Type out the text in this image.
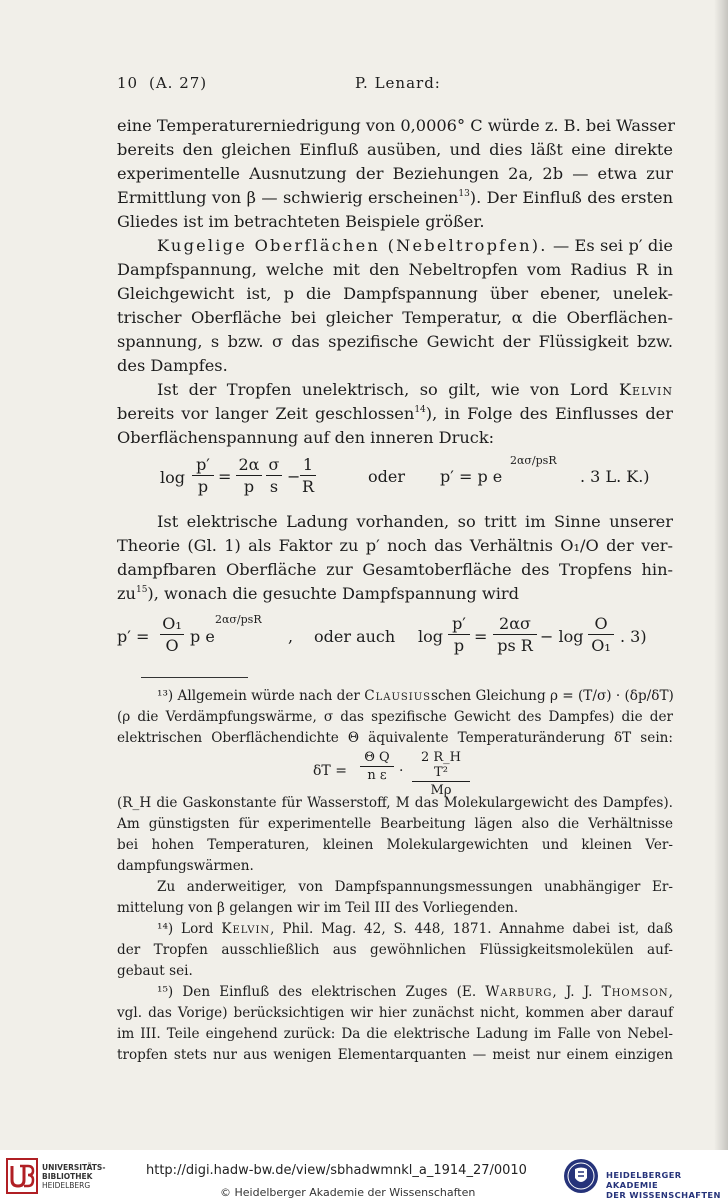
10 (A. 27)	P. Lenard:
eine Temperaturerniedrigung von 0,0006° C würde z. B. bei Wasser
bereits den gleichen Einfluß ausüben, und dies läßt eine direkte
experimentelle Ausnutzung der Beziehungen 2a, 2b — etwa zur
Ermittlung von β — schwierig erscheinen$^{13}$). Der Einfluß des ersten
Gliedes ist im betrachteten Beispiele größer.
Kugelige Oberflächen (Nebeltropfen). — Es sei p′ die
Dampfspannung, welche mit den Nebeltropfen vom Radius R in
Gleichgewicht ist, p die Dampfspannung über ebener, unelek-
trischer Oberfläche bei gleicher Temperatur, α die Oberflächen-
spannung, s bzw. σ das spezifische Gewicht der Flüssigkeit bzw.
des Dampfes.
Ist der Tropfen unelektrisch, so gilt, wie von Lord Kelvin
bereits vor langer Zeit geschlossen$^{14}$), in Folge des Einflusses der
Oberflächenspannung auf den inneren Druck:
$\log \frac{p'}{p} = \frac{2\alpha}{p} \frac{\sigma}{s} - \frac{1}{R}$	oder p′ = p e
2ασ/psR
. 3 L. K.)
Ist elektrische Ladung vorhanden, so tritt im Sinne unserer
Theorie (Gl. 1) als Faktor zu p′ noch das Verhältnis O₁/O der ver-
dampfbaren Oberfläche zur Gesamtoberfläche des Tropfens hin-
$zu^{15}$), wonach die gesuchte Dampfspannung wird
$p' = \frac{\text{O₁}}{O}$ p e
2ασ/psR
, oder auch $\log \frac{p'}{p} = \frac{2\alpha\sigma}{\text{ps R}} - \log \frac{O}{\text{O₁}}$ . 3)
¹³) Allgemein würde nach der Clausiusschen Gleichung ρ = (T/σ) · (δp/δT)
(ρ die Verdämpfungswärme, σ das spezifische Gewicht des Dampfes) die der
elektrischen Oberflächendichte Θ äquivalente Temperaturänderung δT sein:
$\delta T = \frac{\text{Θ Q}}{\text{n ε}} \cdot \frac{\text{2 R\_H T²}}{M\rho}$
(R_H die Gaskonstante für Wasserstoff, M das Molekulargewicht des Dampfes).
Am günstigsten für experimentelle Bearbeitung lägen also die Verhältnisse
bei hohen Temperaturen, kleinen Molekulargewichten und kleinen Ver-
dampfungswärmen.
Zu anderweitiger, von Dampfspannungsmessungen unabhängiger Er-
mittelung von β gelangen wir im Teil III des Vorliegenden.
¹⁴) Lord Kelvin, Phil. Mag. 42, S. 448, 1871. Annahme dabei ist, daß
der Tropfen ausschließlich aus gewöhnlichen Flüssigkeitsmolekülen auf-
gebaut sei.
¹⁵) Den Einfluß des elektrischen Zuges (E. Warburg, J. J. Thomson,
vgl. das Vorige) berücksichtigen wir hier zunächst nicht, kommen aber darauf
im III. Teile eingehend zurück: Da die elektrische Ladung im Falle von Nebel-
tropfen stets nur aus wenigen Elementarquanten — meist nur einem einzigen
UNIVERSITÄTS-
BIBLIOTHEK
HEIDELBERG
http://digi.hadw-bw.de/view/sbhadwmnkl_a_1914_27/0010
© Heidelberger Akademie der Wissenschaften
HEIDELBERGER AKADEMIE
DER WISSENSCHAFTEN
